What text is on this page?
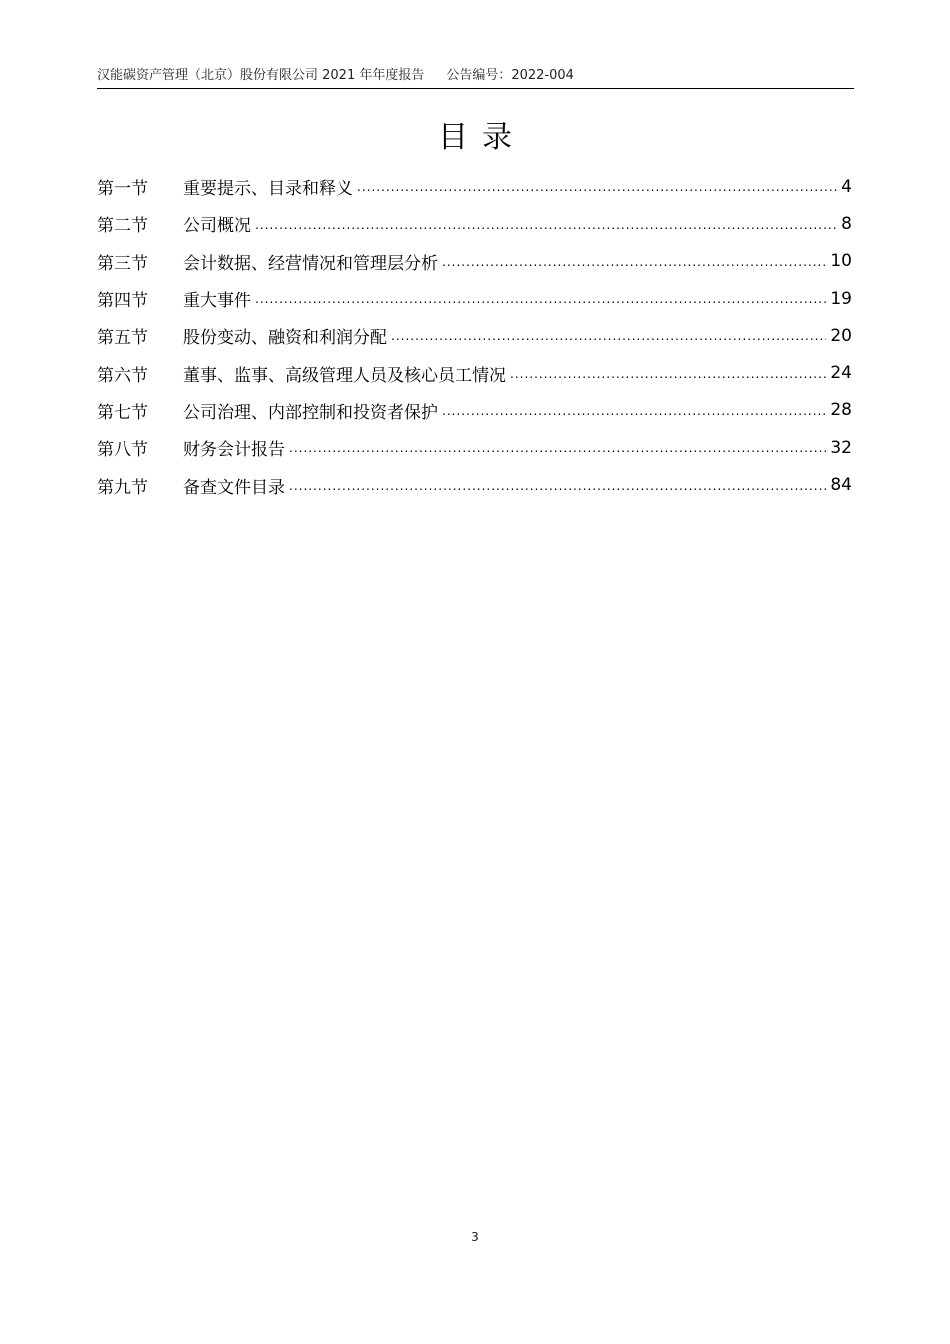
汉能碳资产管理（北京）股份有限公司 2021 年年度报告 公告编号：2022-004
目录
第一节	重要提示、目录和释义 .....	4
第二节	公司概况 .....	8
第三节	会计数据、经营情况和管理层分析 .....	10
第四节	重大事件 .....	19
第五节	股份变动、融资和利润分配 .....	20
第六节	董事、监事、高级管理人员及核心员工情况 .....	24
第七节	公司治理、内部控制和投资者保护 .....	28
第八节	财务会计报告 .....	32
第九节	备查文件目录 .....	84
3
